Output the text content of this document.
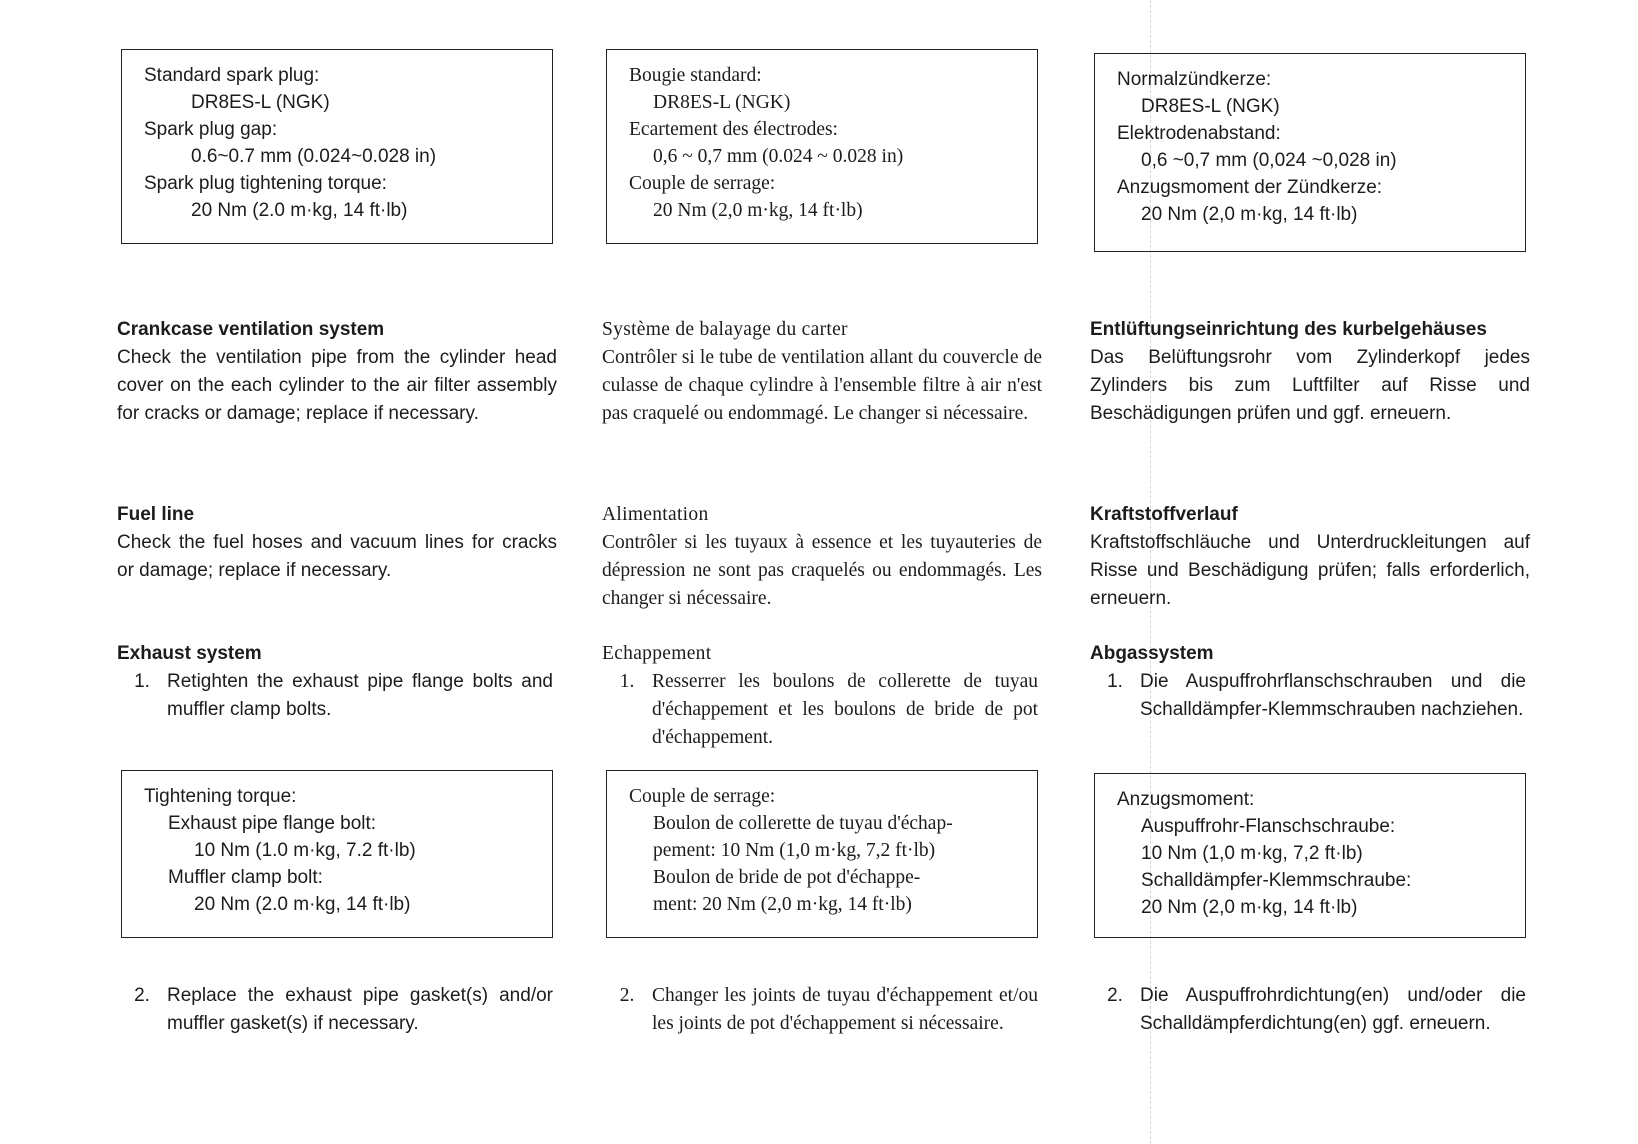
Standard spark plug:
DR8ES-L (NGK)
Spark plug gap:
0.6~0.7 mm (0.024~0.028 in)
Spark plug tightening torque:
20 Nm (2.0 m·kg, 14 ft·lb)
Crankcase ventilation system
Check the ventilation pipe from the cylinder head cover on the each cylinder to the air filter assembly for cracks or damage; replace if necessary.
Fuel line
Check the fuel hoses and vacuum lines for cracks or damage; replace if necessary.
Exhaust system
1. Retighten the exhaust pipe flange bolts and muffler clamp bolts.
Tightening torque:
Exhaust pipe flange bolt:
10 Nm (1.0 m·kg, 7.2 ft·lb)
Muffler clamp bolt:
20 Nm (2.0 m·kg, 14 ft·lb)
2. Replace the exhaust pipe gasket(s) and/or muffler gasket(s) if necessary.
Bougie standard:
DR8ES-L (NGK)
Ecartement des électrodes:
0,6 ~ 0,7 mm (0.024 ~ 0.028 in)
Couple de serrage:
20 Nm (2,0 m·kg, 14 ft·lb)
Système de balayage du carter
Contrôler si le tube de ventilation allant du couvercle de culasse de chaque cylindre à l'ensemble filtre à air n'est pas craquelé ou endommagé. Le changer si nécessaire.
Alimentation
Contrôler si les tuyaux à essence et les tuyauteries de dépression ne sont pas craquelés ou endommagés. Les changer si nécessaire.
Echappement
1. Resserrer les boulons de collerette de tuyau d'échappement et les boulons de bride de pot d'échappement.
Couple de serrage:
Boulon de collerette de tuyau d'échap-
pement: 10 Nm (1,0 m·kg, 7,2 ft·lb)
Boulon de bride de pot d'échappe-
ment: 20 Nm (2,0 m·kg, 14 ft·lb)
2. Changer les joints de tuyau d'échappement et/ou les joints de pot d'échappement si nécessaire.
Normalzündkerze:
DR8ES-L (NGK)
Elektrodenabstand:
0,6 ~0,7 mm (0,024 ~0,028 in)
Anzugsmoment der Zündkerze:
20 Nm (2,0 m·kg, 14 ft·lb)
Entlüftungseinrichtung des kurbelgehäuses
Das Belüftungsrohr vom Zylinderkopf jedes Zylinders bis zum Luftfilter auf Risse und Beschädigungen prüfen und ggf. erneuern.
Kraftstoffverlauf
Kraftstoffschläuche und Unterdruckleitungen auf Risse und Beschädigung prüfen; falls erforderlich, erneuern.
Abgassystem
1. Die Auspuffrohrflanschschrauben und die Schalldämpfer-Klemmschrauben nachziehen.
Anzugsmoment:
Auspuffrohr-Flanschschraube:
10 Nm (1,0 m·kg, 7,2 ft·lb)
Schalldämpfer-Klemmschraube:
20 Nm (2,0 m·kg, 14 ft·lb)
2. Die Auspuffrohrdichtung(en) und/oder die Schalldämpferdichtung(en) ggf. erneuern.
